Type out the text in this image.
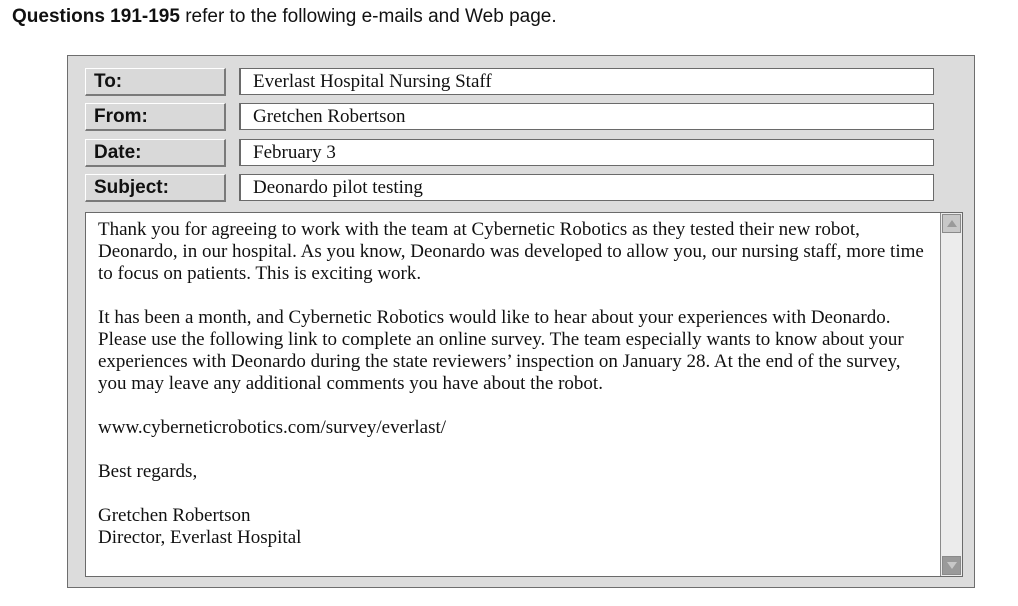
Questions 191-195 refer to the following e-mails and Web page.
To:	Everlast Hospital Nursing Staff
From:	Gretchen Robertson
Date:	February 3
Subject:	Deonardo pilot testing

Thank you for agreeing to work with the team at Cybernetic Robotics as they tested their new robot, Deonardo, in our hospital. As you know, Deonardo was developed to allow you, our nursing staff, more time to focus on patients. This is exciting work.

It has been a month, and Cybernetic Robotics would like to hear about your experiences with Deonardo. Please use the following link to complete an online survey. The team especially wants to know about your experiences with Deonardo during the state reviewers’ inspection on January 28. At the end of the survey, you may leave any additional comments you have about the robot.

www.cyberneticrobotics.com/survey/everlast/

Best regards,

Gretchen Robertson

Director, Everlast Hospital
